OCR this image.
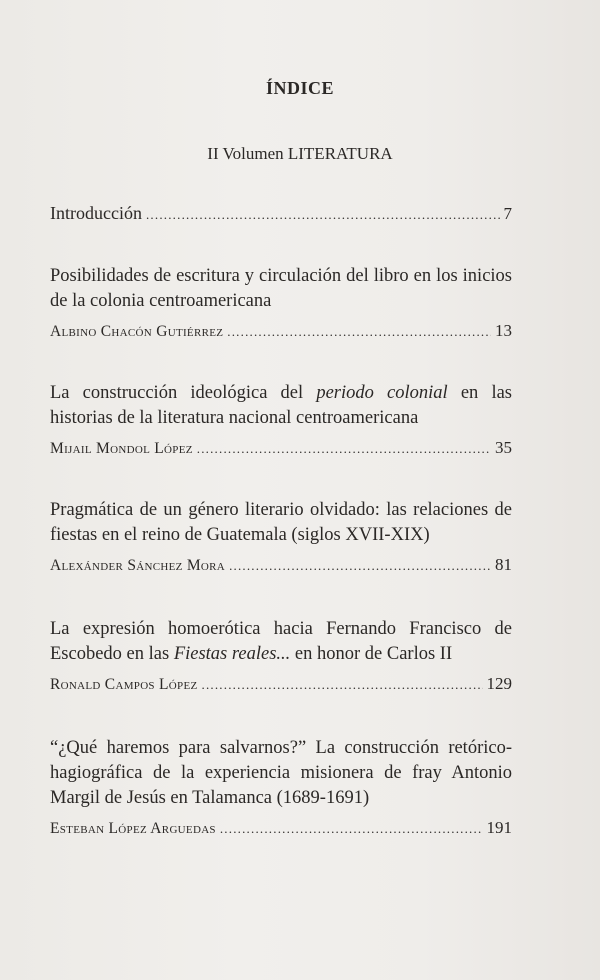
ÍNDICE
II Volumen LITERATURA
Introducción .....	7

Posibilidades de escritura y circulación del libro en los inicios de la colonia centroamericana

Albino Chacón Gutiérrez .....	13

La construcción ideológica del periodo colonial en las historias de la literatura nacional centroamericana

Mijail Mondol López .....	35

Pragmática de un género literario olvidado: las relaciones de fiestas en el reino de Guatemala (siglos XVII-XIX)

Alexánder Sánchez Mora .....	81

La expresión homoerótica hacia Fernando Francisco de Escobedo en las Fiestas reales... en honor de Carlos II

Ronald Campos López .....	129

“¿Qué haremos para salvarnos?” La construcción retórico-hagiográfica de la experiencia misionera de fray Antonio Margil de Jesús en Talamanca (1689-1691)

Esteban López Arguedas .....	191
